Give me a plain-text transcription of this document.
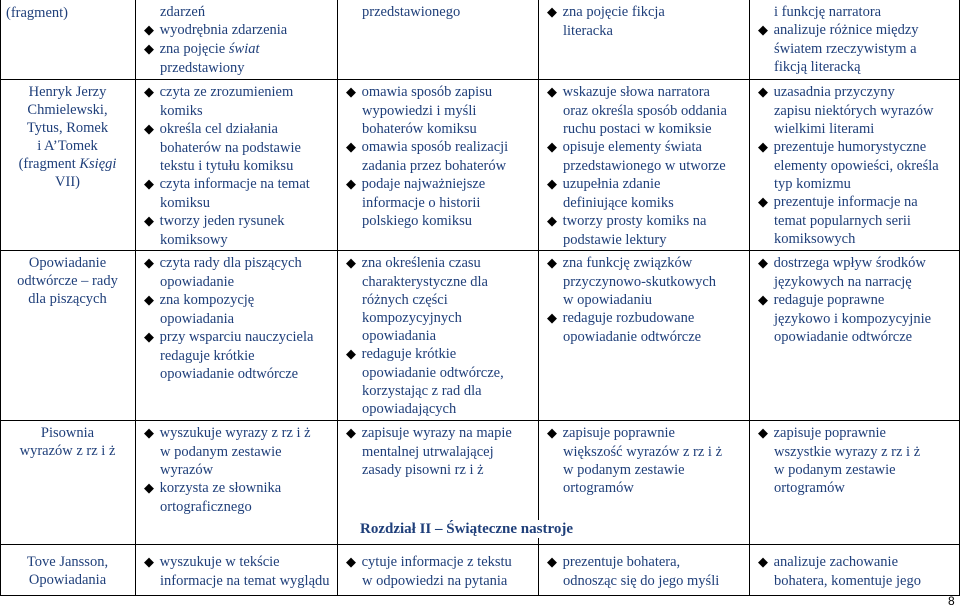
(fragment)	zdarzeń
◆ wyodrębnia zdarzenia
◆ zna pojęcie świat
przedstawiony
przedstawionego	◆ zna pojęcie fikcja
literacka
i funkcję narratora
◆ analizuje różnice między
światem rzeczywistym a
fikcją literacką
Henryk Jerzy
Chmielewski,
Tytus, Romek
i A’Tomek
(fragment Księgi
VII)
◆ czyta ze zrozumieniem
komiks
◆ określa cel działania
bohaterów na podstawie
tekstu i tytułu komiksu
◆ czyta informacje na temat
komiksu
◆ tworzy jeden rysunek
komiksowy
◆ omawia sposób zapisu
wypowiedzi i myśli
bohaterów komiksu
◆ omawia sposób realizacji
zadania przez bohaterów
◆ podaje najważniejsze
informacje o historii
polskiego komiksu
◆ wskazuje słowa narratora
oraz określa sposób oddania
ruchu postaci w komiksie
◆ opisuje elementy świata
przedstawionego w utworze
◆ uzupełnia zdanie
definiujące komiks
◆ tworzy prosty komiks na
podstawie lektury
◆ uzasadnia przyczyny
zapisu niektórych wyrazów
wielkimi literami
◆ prezentuje humorystyczne
elementy opowieści, określa
typ komizmu
◆ prezentuje informacje na
temat popularnych serii
komiksowych
Opowiadanie
odtwórcze – rady
dla piszących
◆ czyta rady dla piszących
opowiadanie
◆ zna kompozycję
opowiadania
◆ przy wsparciu nauczyciela
redaguje krótkie
opowiadanie odtwórcze
◆ zna określenia czasu
charakterystyczne dla
różnych części
kompozycyjnych
opowiadania
◆ redaguje krótkie
opowiadanie odtwórcze,
korzystając z rad dla
opowiadających
◆ zna funkcję związków
przyczynowo-skutkowych
w opowiadaniu
◆ redaguje rozbudowane
opowiadanie odtwórcze
◆ dostrzega wpływ środków
językowych na narrację
◆ redaguje poprawne
językowo i kompozycyjnie
opowiadanie odtwórcze
Pisownia
wyrazów z rz i ż
◆ wyszukuje wyrazy z rz i ż
w podanym zestawie
wyrazów
◆ korzysta ze słownika
ortograficznego
◆ zapisuje wyrazy na mapie
mentalnej utrwalającej
zasady pisowni rz i ż
◆ zapisuje poprawnie
większość wyrazów z rz i ż
w podanym zestawie
ortogramów
◆ zapisuje poprawnie
wszystkie wyrazy z rz i ż
w podanym zestawie
ortogramów
Rozdział II – Świąteczne nastroje
Tove Jansson,
Opowiadania
◆ wyszukuje w tekście
informacje na temat wyglądu
◆ cytuje informacje z tekstu
w odpowiedzi na pytania
◆ prezentuje bohatera,
odnosząc się do jego myśli
◆ analizuje zachowanie
bohatera, komentuje jego
8
